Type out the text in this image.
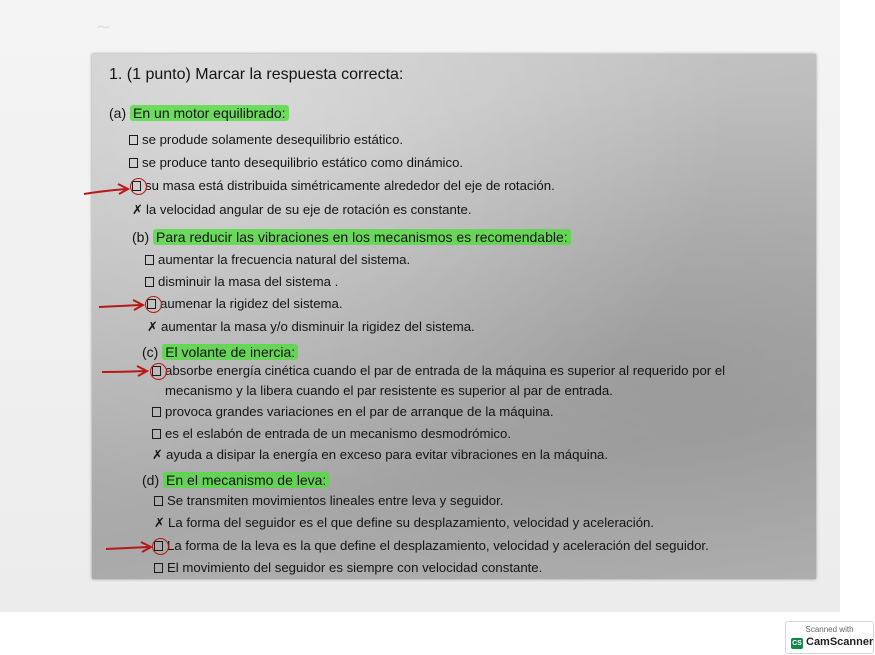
~
1. (1 punto) Marcar la respuesta correcta:
(a) En un motor equilibrado:
se produde solamente desequilibrio estático.
se produce tanto desequilibrio estático como dinámico.
su masa está distribuida simétricamente alrededor del eje de rotación.
✗ la velocidad angular de su eje de rotación es constante.
(b) Para reducir las vibraciones en los mecanismos es recomendable:
aumentar la frecuencia natural del sistema.
disminuir la masa del sistema .
aumenar la rigidez del sistema.
✗ aumentar la masa y/o disminuir la rigidez del sistema.
(c) El volante de inercia:
absorbe energía cinética cuando el par de entrada de la máquina es superior al requerido por el
mecanismo y la libera cuando el par resistente es superior al par de entrada.
provoca grandes variaciones en el par de arranque de la máquina.
es el eslabón de entrada de un mecanismo desmodrómico.
✗ ayuda a disipar la energía en exceso para evitar vibraciones en la máquina.
(d) En el mecanismo de leva:
Se transmiten movimientos lineales entre leva y seguidor.
✗ La forma del seguidor es el que define su desplazamiento, velocidad y aceleración.
La forma de la leva es la que define el desplazamiento, velocidad y aceleración del seguidor.
El movimiento del seguidor es siempre con velocidad constante.
Scanned with
CS CamScanner
